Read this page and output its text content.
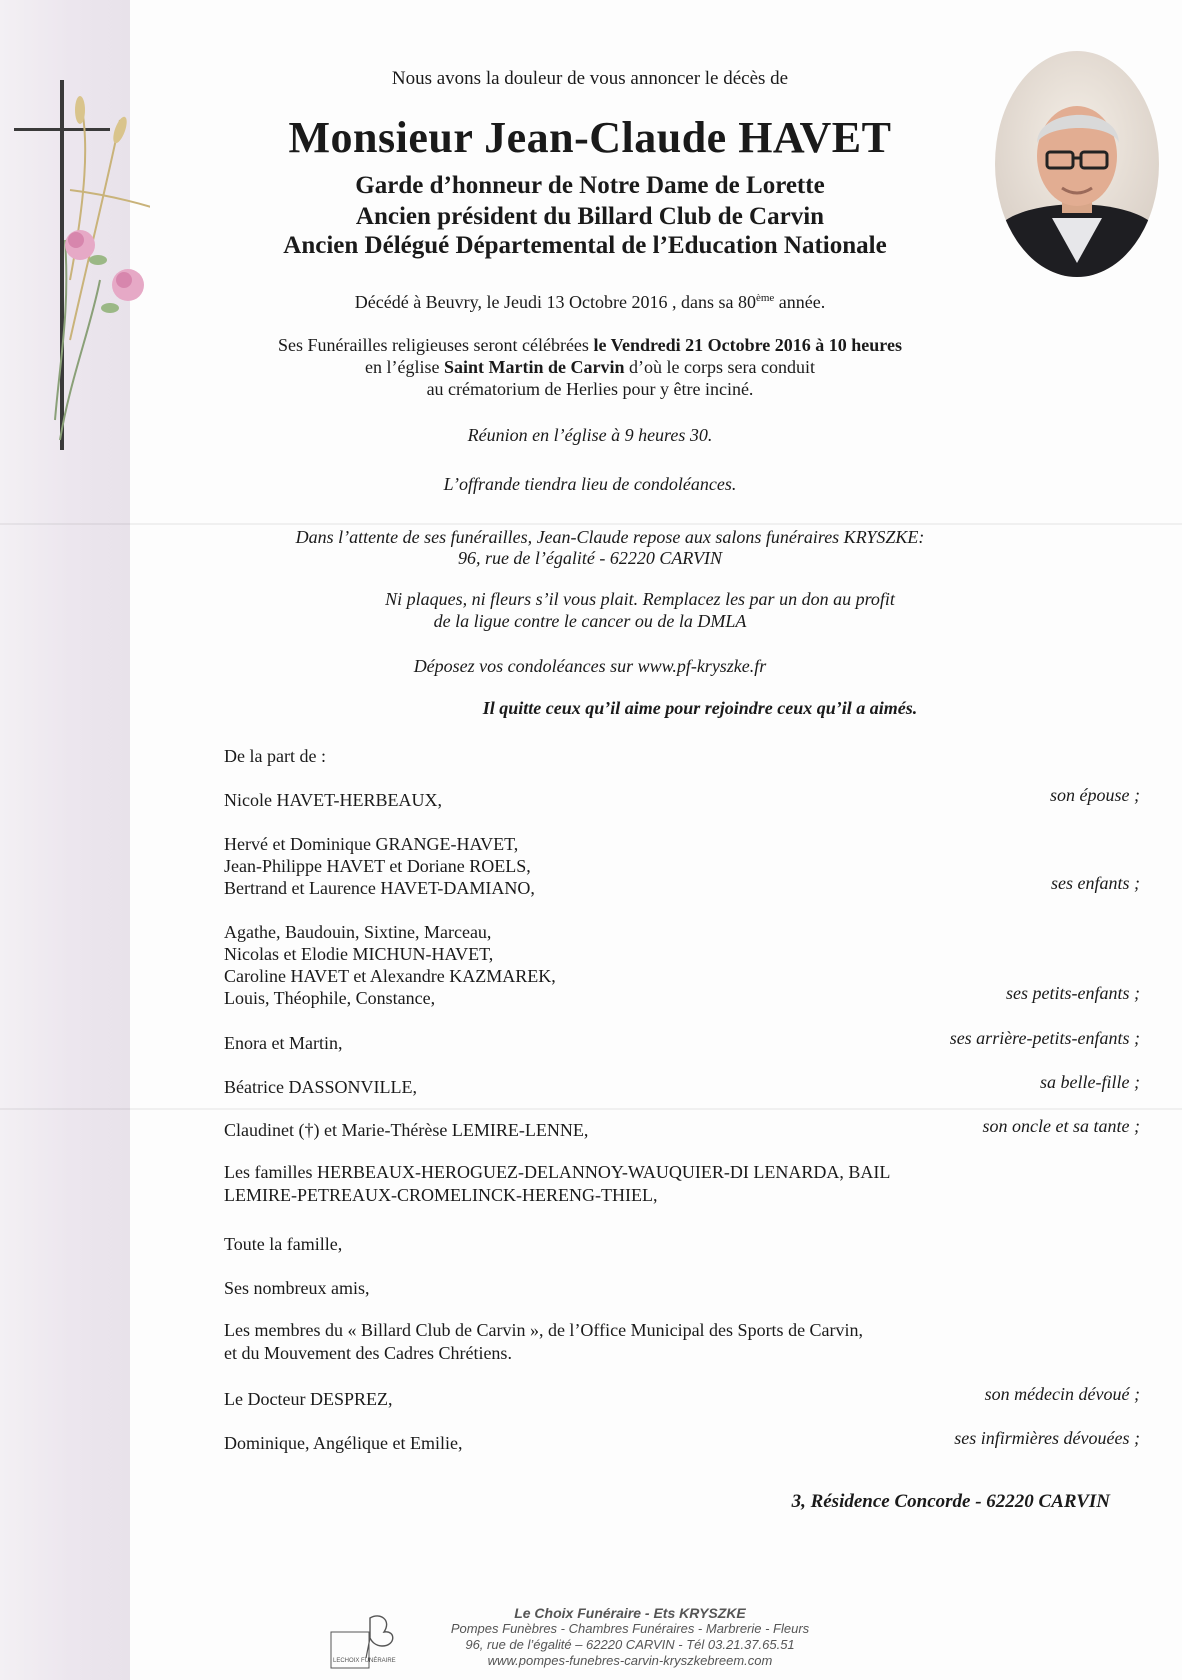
Nous avons la douleur de vous annoncer le décès de
Monsieur Jean-Claude HAVET
Garde d’honneur de Notre Dame de Lorette
Ancien président du Billard Club de Carvin
Ancien Délégué Départemental de l’Education Nationale
Décédé à Beuvry, le Jeudi 13 Octobre 2016 , dans sa 80ème année.
Ses Funérailles religieuses seront célébrées le Vendredi 21 Octobre 2016 à 10 heures
en l’église Saint Martin de Carvin d’où le corps sera conduit
au crématorium de Herlies pour y être inciné.
Réunion en l’église à 9 heures 30.
L’offrande tiendra lieu de condoléances.
Dans l’attente de ses funérailles, Jean-Claude repose aux salons funéraires KRYSZKE:
96, rue de l’égalité - 62220 CARVIN
Ni plaques, ni fleurs s’il vous plait. Remplacez les par un don au profit
de la ligue contre le cancer ou de la DMLA
Déposez vos condoléances sur www.pf-kryszke.fr
Il quitte ceux qu’il aime pour rejoindre ceux qu’il a aimés.
De la part de :
Nicole HAVET-HERBEAUX,	son épouse ;
Hervé et Dominique GRANGE-HAVET,
Jean-Philippe HAVET et Doriane ROELS,
Bertrand et Laurence HAVET-DAMIANO,	ses enfants ;
Agathe, Baudouin, Sixtine, Marceau,
Nicolas et Elodie MICHUN-HAVET,
Caroline HAVET et Alexandre KAZMAREK,
Louis, Théophile, Constance,	ses petits-enfants ;
Enora et Martin,	ses arrière-petits-enfants ;
Béatrice DASSONVILLE,	sa belle-fille ;
Claudinet (†) et Marie-Thérèse LEMIRE-LENNE,	son oncle et sa tante ;
Les familles HERBEAUX-HEROGUEZ-DELANNOY-WAUQUIER-DI LENARDA, BAIL
LEMIRE-PETREAUX-CROMELINCK-HERENG-THIEL,
Toute la famille,
Ses nombreux amis,
Les membres du « Billard Club de Carvin », de l’Office Municipal des Sports de Carvin,
et du Mouvement des Cadres Chrétiens.
Le Docteur DESPREZ,	son médecin dévoué ;
Dominique, Angélique et Emilie,	ses infirmières dévouées ;
3, Résidence Concorde - 62220 CARVIN
LECHOIX FUNÉRAIRE
Le Choix Funéraire - Ets KRYSZKE
Pompes Funèbres - Chambres Funéraires - Marbrerie - Fleurs
96, rue de l’égalité – 62220 CARVIN - Tél 03.21.37.65.51
www.pompes-funebres-carvin-kryszkebreem.com
